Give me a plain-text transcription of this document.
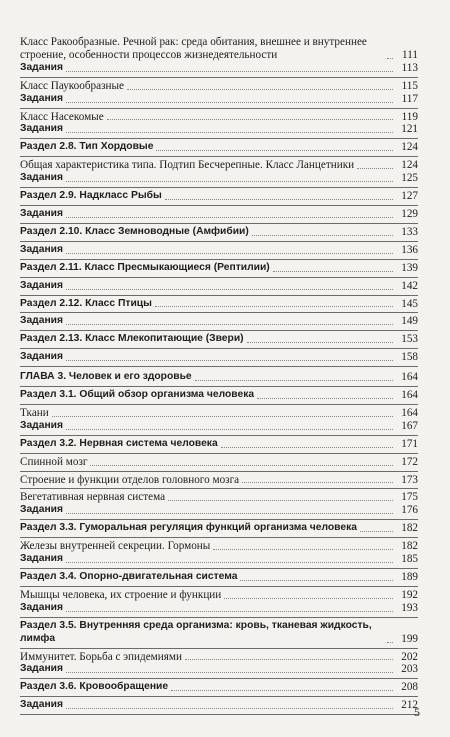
Класс Ракообразные. Речной рак: среда обитания, внешнее и внутреннее строение, особенности процессов жизнедеятельности	111
Задания	113
Класс Паукообразные	115
Задания	117
Класс Насекомые	119
Задания	121
Раздел 2.8. Тип Хордовые	124
Общая характеристика типа. Подтип Бесчерепные. Класс Ланцетники	124
Задания	125
Раздел 2.9. Надкласс Рыбы	127
Задания	129
Раздел 2.10. Класс Земноводные (Амфибии)	133
Задания	136
Раздел 2.11. Класс Пресмыкающиеся (Рептилии)	139
Задания	142
Раздел 2.12. Класс Птицы	145
Задания	149
Раздел 2.13. Класс Млекопитающие (Звери)	153
Задания	158
ГЛАВА 3. Человек и его здоровье	164
Раздел 3.1. Общий обзор организма человека	164
Ткани	164
Задания	167
Раздел 3.2. Нервная система человека	171
Спинной мозг	172
Строение и функции отделов головного мозга	173
Вегетативная нервная система	175
Задания	176
Раздел 3.3. Гуморальная регуляция функций организма человека	182
Железы внутренней секреции. Гормоны	182
Задания	185
Раздел 3.4. Опорно-двигательная система	189
Мышцы человека, их строение и функции	192
Задания	193
Раздел 3.5. Внутренняя среда организма: кровь, тканевая жидкость, лимфа	199
Иммунитет. Борьба с эпидемиями	202
Задания	203
Раздел 3.6. Кровообращение	208
Задания	212
5
